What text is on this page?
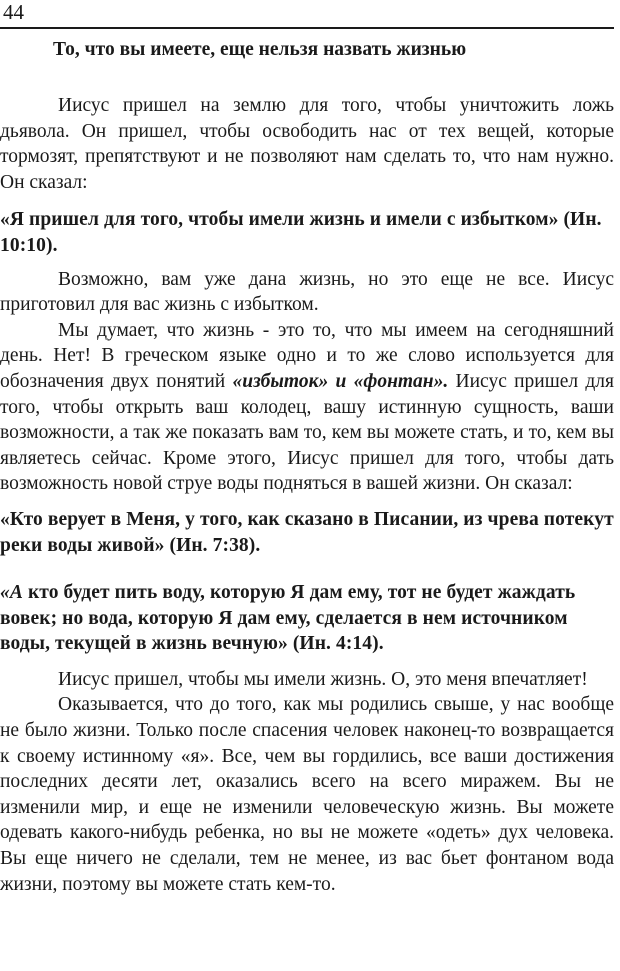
44
То, что вы имеете, еще нельзя назвать жизнью

Иисус пришел на землю для того, чтобы уничтожить ложь дьявола. Он пришел, чтобы освободить нас от тех вещей, которые тормозят, препятствуют и не позволяют нам сделать то, что нам нужно. Он сказал:

«Я пришел для того, чтобы имели жизнь и имели с избытком» (Ин. 10:10).

Возможно, вам уже дана жизнь, но это еще не все. Иисус приготовил для вас жизнь с избытком.

Мы думает, что жизнь - это то, что мы имеем на сегодняшний день. Нет! В греческом языке одно и то же слово используется для обозначения двух понятий «избыток» и «фонтан». Иисус пришел для того, чтобы открыть ваш колодец, вашу истинную сущность, ваши возможности, а так же показать вам то, кем вы можете стать, и то, кем вы являетесь сейчас. Кроме этого, Иисус пришел для того, чтобы дать возможность новой струе воды подняться в вашей жизни. Он сказал:

«Кто верует в Меня, у того, как сказано в Писании, из чрева потекут реки воды живой» (Ин. 7:38).

«А кто будет пить воду, которую Я дам ему, тот не будет жаждать вовек; но вода, которую Я дам ему, сделается в нем источником воды, текущей в жизнь вечную» (Ин. 4:14).

Иисус пришел, чтобы мы имели жизнь. О, это меня впечатляет!

Оказывается, что до того, как мы родились свыше, у нас вообще не было жизни. Только после спасения человек наконец-то возвращается к своему истинному «я». Все, чем вы гордились, все ваши достижения последних десяти лет, оказались всего на всего миражем. Вы не изменили мир, и еще не изменили человеческую жизнь. Вы можете одевать какого-нибудь ребенка, но вы не можете «одеть» дух человека. Вы еще ничего не сделали, тем не менее, из вас бьет фонтаном вода жизни, поэтому вы можете стать кем-то.
